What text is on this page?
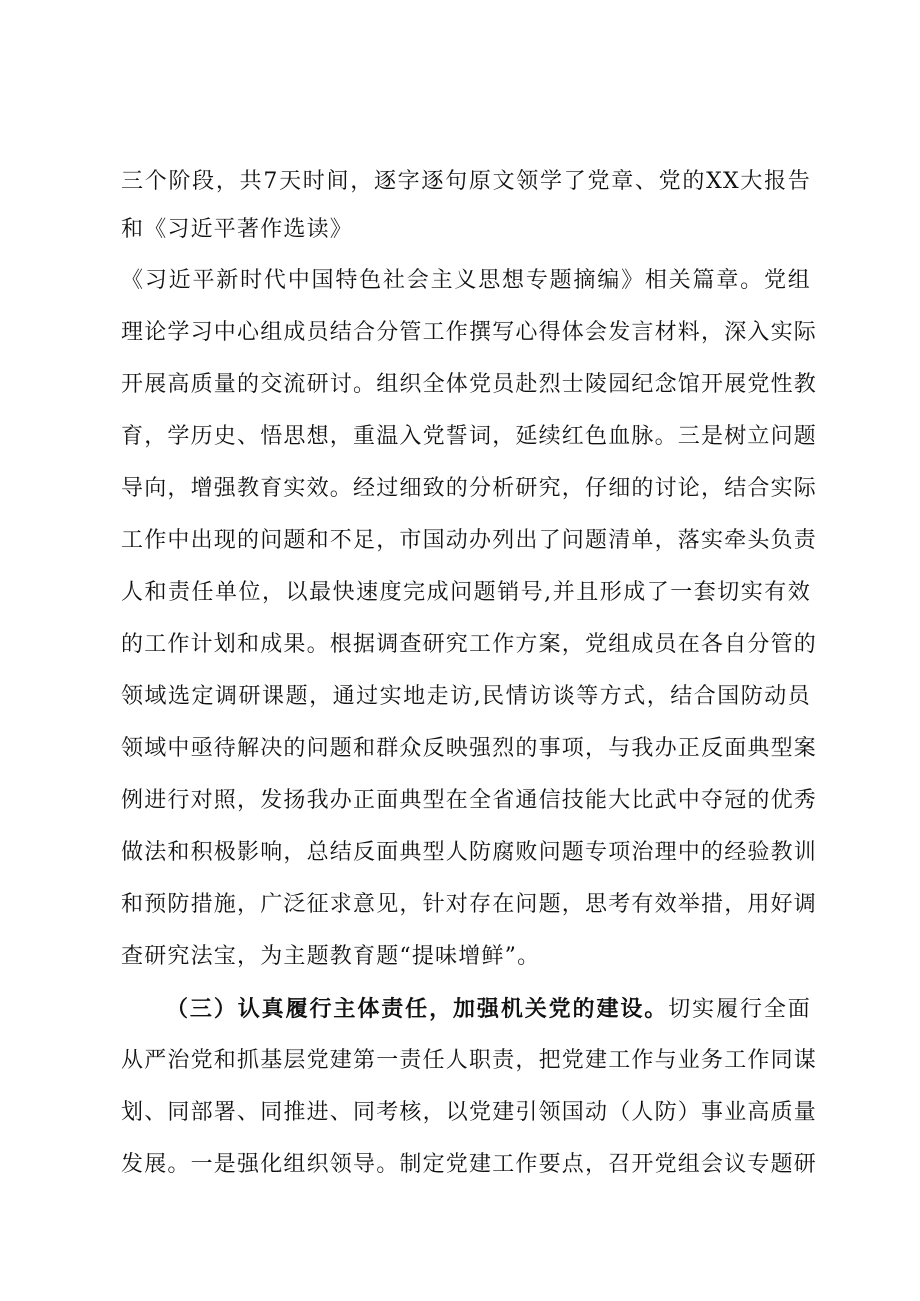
三个阶段，共7天时间，逐字逐句原文领学了党章、党的XX大报告
和《习近平著作选读》
《习近平新时代中国特色社会主义思想专题摘编》相关篇章。党组
理论学习中心组成员结合分管工作撰写心得体会发言材料，深入实际
开展高质量的交流研讨。组织全体党员赴烈士陵园纪念馆开展党性教
育，学历史、悟思想，重温入党誓词，延续红色血脉。三是树立问题
导向，增强教育实效。经过细致的分析研究，仔细的讨论，结合实际
工作中出现的问题和不足，市国动办列出了问题清单，落实牵头负责
人和责任单位，以最快速度完成问题销号,并且形成了一套切实有效
的工作计划和成果。根据调查研究工作方案，党组成员在各自分管的
领域选定调研课题，通过实地走访,民情访谈等方式，结合国防动员
领域中亟待解决的问题和群众反映强烈的事项，与我办正反面典型案
例进行对照，发扬我办正面典型在全省通信技能大比武中夺冠的优秀
做法和积极影响，总结反面典型人防腐败问题专项治理中的经验教训
和预防措施，广泛征求意见，针对存在问题，思考有效举措，用好调
查研究法宝，为主题教育题“提味增鲜”。
（三）认真履行主体责任，加强机关党的建设。切实履行全面
从严治党和抓基层党建第一责任人职责，把党建工作与业务工作同谋
划、同部署、同推进、同考核，以党建引领国动（人防）事业高质量
发展。一是强化组织领导。制定党建工作要点，召开党组会议专题研
